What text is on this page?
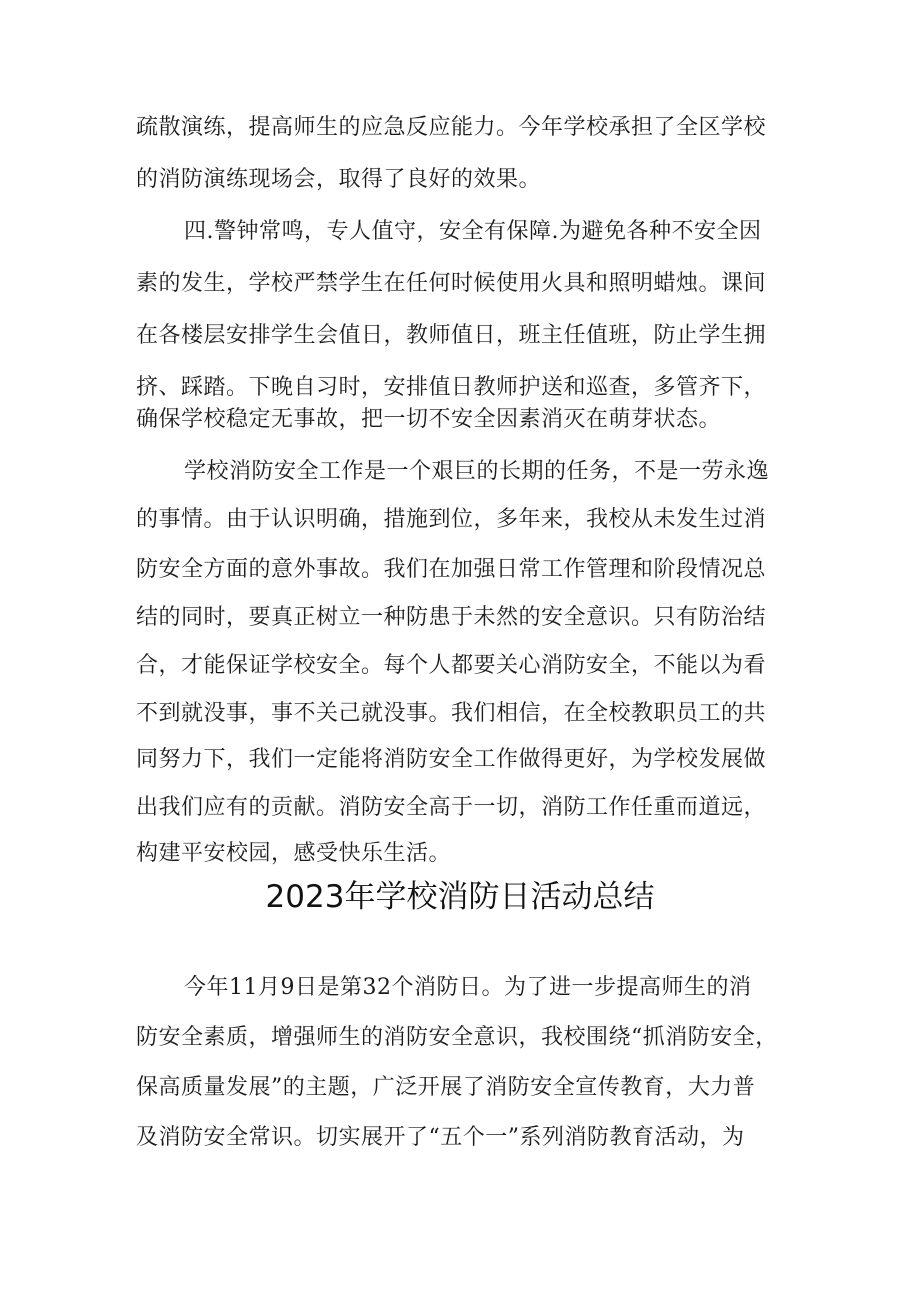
疏散演练，提高师生的应急反应能力。今年学校承担了全区学校
的消防演练现场会，取得了良好的效果。
四.警钟常鸣，专人值守，安全有保障.为避免各种不安全因
素的发生，学校严禁学生在任何时候使用火具和照明蜡烛。课间
在各楼层安排学生会值日，教师值日，班主任值班，防止学生拥
挤、踩踏。下晚自习时，安排值日教师护送和巡查，多管齐下，
确保学校稳定无事故，把一切不安全因素消灭在萌芽状态。
学校消防安全工作是一个艰巨的长期的任务，不是一劳永逸
的事情。由于认识明确，措施到位，多年来，我校从未发生过消
防安全方面的意外事故。我们在加强日常工作管理和阶段情况总
结的同时，要真正树立一种防患于未然的安全意识。只有防治结
合，才能保证学校安全。每个人都要关心消防安全，不能以为看
不到就没事，事不关己就没事。我们相信，在全校教职员工的共
同努力下，我们一定能将消防安全工作做得更好，为学校发展做
出我们应有的贡献。消防安全高于一切，消防工作任重而道远，
构建平安校园，感受快乐生活。
2023年学校消防日活动总结
今年11月9日是第32个消防日。为了进一步提高师生的消
防安全素质，增强师生的消防安全意识，我校围绕“抓消防安全，
保高质量发展”的主题，广泛开展了消防安全宣传教育，大力普
及消防安全常识。切实展开了“五个一”系列消防教育活动，为
